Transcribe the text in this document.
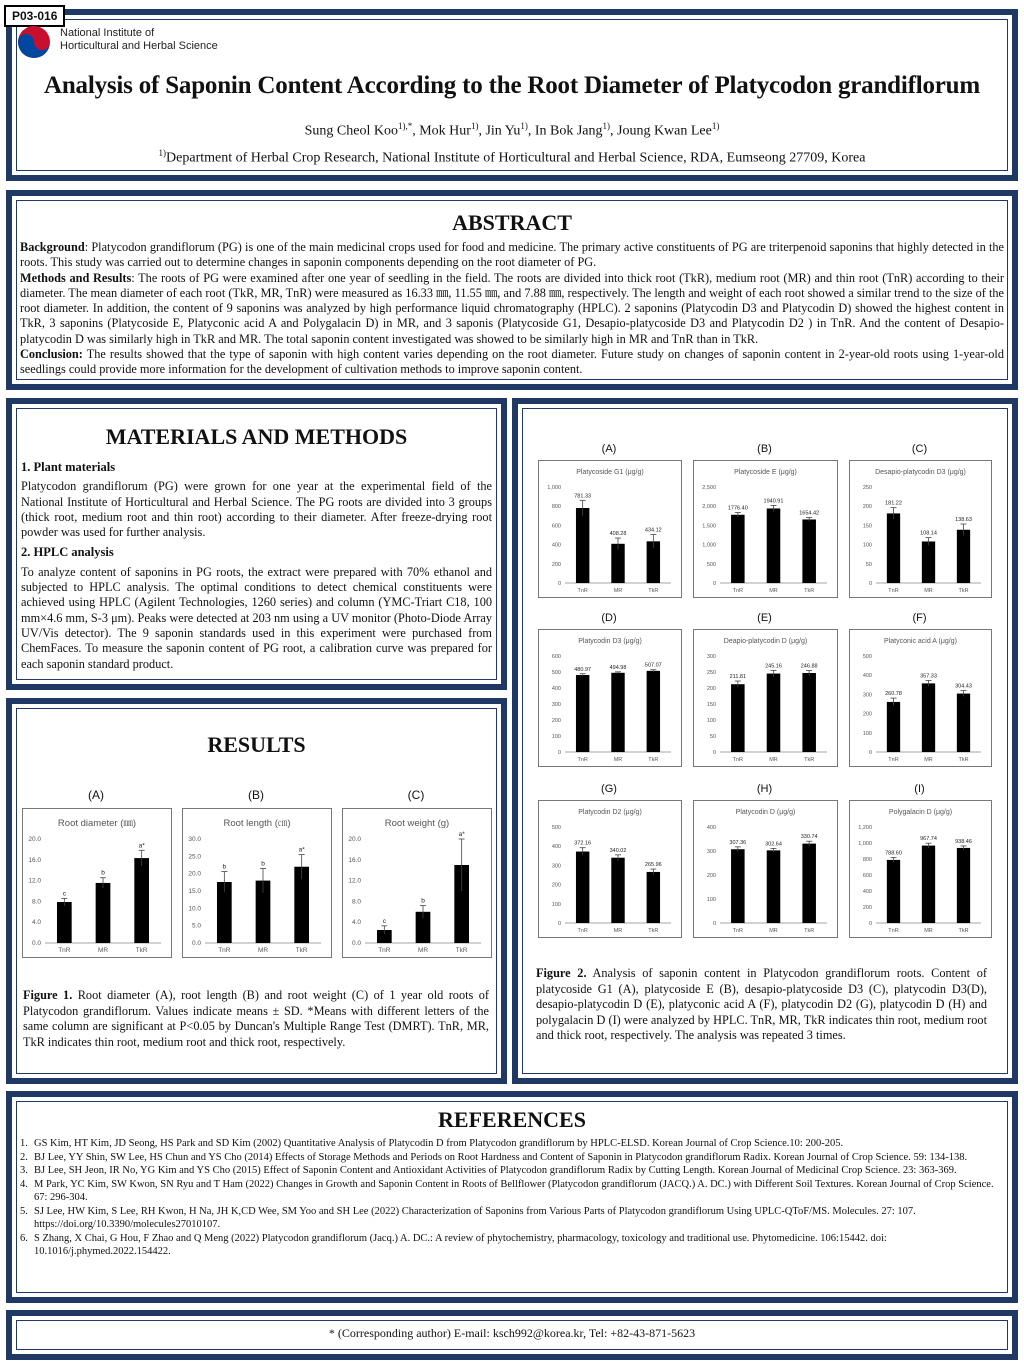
P03-016
National Institute of
Horticultural and Herbal Science
Analysis of Saponin Content According to the Root Diameter of Platycodon grandiflorum
Sung Cheol Koo$^{1),*}$, Mok Hur$^{1)}$, Jin Yu$^{1)}$, In Bok Jang$^{1)}$, Joung Kwan Lee$^{1)}$
$^{1)}$Department of Herbal Crop Research, National Institute of Horticultural and Herbal Science, RDA, Eumseong 27709, Korea
ABSTRACT

Background: Platycodon grandiflorum (PG) is one of the main medicinal crops used for food and medicine. The primary active constituents of PG are triterpenoid saponins that highly detected in the roots. This study was carried out to determine changes in saponin components depending on the root diameter of PG.

Methods and Results: The roots of PG were examined after one year of seedling in the field. The roots are divided into thick root (TkR), medium root (MR) and thin root (TnR) according to their diameter. The mean diameter of each root (TkR, MR, TnR) were measured as 16.33 ㎜, 11.55 ㎜, and 7.88 ㎜, respectively. The length and weight of each root showed a similar trend to the size of the root diameter. In addition, the content of 9 saponins was analyzed by high performance liquid chromatography (HPLC). 2 saponins (Platycodin D3 and Platycodin D) showed the highest content in TkR, 3 saponins (Platycoside E, Platyconic acid A and Polygalacin D) in MR, and 3 saponis (Platycoside G1, Desapio-platycoside D3 and Platycodin D2 ) in TnR. And the content of Desapio-platycodin D was similarly high in TkR and MR. The total saponin content investigated was showed to be similarly high in MR and TnR than in TkR.

Conclusion: The results showed that the type of saponin with high content varies depending on the root diameter. Future study on changes of saponin content in 2-year-old roots using 1-year-old seedlings could provide more information for the development of cultivation methods to improve saponin content.

MATERIALS AND METHODS
1. Plant materials

Platycodon grandiflorum (PG) were grown for one year at the experimental field of the National Institute of Horticultural and Herbal Science. The PG roots are divided into 3 groups (thick root, medium root and thin root) according to their diameter. After freeze-drying root powder was used for further analysis.

2. HPLC analysis

To analyze content of saponins in PG roots, the extract were prepared with 70% ethanol and subjected to HPLC analysis. The optimal conditions to detect chemical constituents were achieved using HPLC (Agilent Technologies, 1260 series) and column (YMC-Triart C18, 100 mm×4.6 mm, S-3 μm). Peaks were detected at 203 nm using a UV monitor (Photo-Diode Array UV/Vis detector). The 9 saponin standards used in this experiment were purchased from ChemFaces. To measure the saponin content of PG root, a calibration curve was prepared for each saponin standard product.

RESULTS
(A)
Root diameter (㎜)
0.0
4.0
8.0
12.0
16.0
20.0
TnR
c
MR
b
TkR
a*
(B)
Root length (㎝)
0.0
5.0
10.0
15.0
20.0
25.0
30.0
TnR
b
MR
b
TkR
a*
(C)
Root weight (g)
0.0
4.0
8.0
12.0
16.0
20.0
TnR
c
MR
b
TkR
a*
(A)
Platycoside G1 (μg/g)
0
200
400
600
800
1,000
TnR
781.33
MR
408.28
TkR
434.12
(B)
Platycoside E (μg/g)
0
500
1,000
1,500
2,000
2,500
TnR
1776.40
MR
1940.91
TkR
1654.42
(C)
Desapio-platycodin D3 (μg/g)
0
50
100
150
200
250
TnR
181.22
MR
108.14
TkR
138.63
(D)
Platycodin D3 (μg/g)
0
100
200
300
400
500
600
TnR
480.97
MR
494.98
TkR
507.07
(E)
Deapio-platycodin D (μg/g)
0
50
100
150
200
250
300
TnR
211.81
MR
245.16
TkR
246.88
(F)
Platyconic acid A (μg/g)
0
100
200
300
400
500
TnR
260.78
MR
357.33
TkR
304.43
(G)
Platycodin D2 (μg/g)
0
100
200
300
400
500
TnR
372.16
MR
340.02
TkR
265.96
(H)
Platycodin D (μg/g)
0
100
200
300
400
TnR
307.36
MR
302.64
TkR
330.74
(I)
Polygalacin D (μg/g)
0
200
400
600
800
1,000
1,200
TnR
788.60
MR
967.74
TkR
938.46
Figure 1. Root diameter (A), root length (B) and root weight (C) of 1 year old roots of Platycodon grandiflorum. Values indicate means ± SD. *Means with different letters of the same column are significant at P<0.05 by Duncan's Multiple Range Test (DMRT). TnR, MR, TkR indicates thin root, medium root and thick root, respectively.
Figure 2. Analysis of saponin content in Platycodon grandiflorum roots. Content of platycoside G1 (A), platycoside E (B), desapio-platycoside D3 (C), platycodin D3(D), desapio-platycodin D (E), platyconic acid A (F), platycodin D2 (G), platycodin D (H) and polygalacin D (I) were analyzed by HPLC. TnR, MR, TkR indicates thin root, medium root and thick root, respectively. The analysis was repeated 3 times.
REFERENCES
1. GS Kim, HT Kim, JD Seong, HS Park and SD Kim (2002) Quantitative Analysis of Platycodin D from Platycodon grandiflorum by HPLC-ELSD. Korean Journal of Crop Science.10: 200-205.
2. BJ Lee, YY Shin, SW Lee, HS Chun and YS Cho (2014) Effects of Storage Methods and Periods on Root Hardness and Content of Saponin in Platycodon grandiflorum Radix. Korean Journal of Crop Science. 59: 134-138.
3. BJ Lee, SH Jeon, IR No, YG Kim and YS Cho (2015) Effect of Saponin Content and Antioxidant Activities of Platycodon grandiflorum Radix by Cutting Length. Korean Journal of Medicinal Crop Science. 23: 363-369.
4. M Park, YC Kim, SW Kwon, SN Ryu and T Ham (2022) Changes in Growth and Saponin Content in Roots of Bellflower (Platycodon grandiflorum (JACQ.) A. DC.) with Different Soil Textures. Korean Journal of Crop Science. 67: 296-304.
5. SJ Lee, HW Kim, S Lee, RH Kwon, H Na, JH K,CD Wee, SM Yoo and SH Lee (2022) Characterization of Saponins from Various Parts of Platycodon grandiflorum Using UPLC-QToF/MS. Molecules. 27: 107. https://doi.org/10.3390/molecules27010107.
6. S Zhang, X Chai, G Hou, F Zhao and Q Meng (2022) Platycodon grandiflorum (Jacq.) A. DC.: A review of phytochemistry, pharmacology, toxicology and traditional use. Phytomedicine. 106:15442. doi: 10.1016/j.phymed.2022.154422.
* (Corresponding author) E-mail: ksch992@korea.kr, Tel: +82-43-871-5623
